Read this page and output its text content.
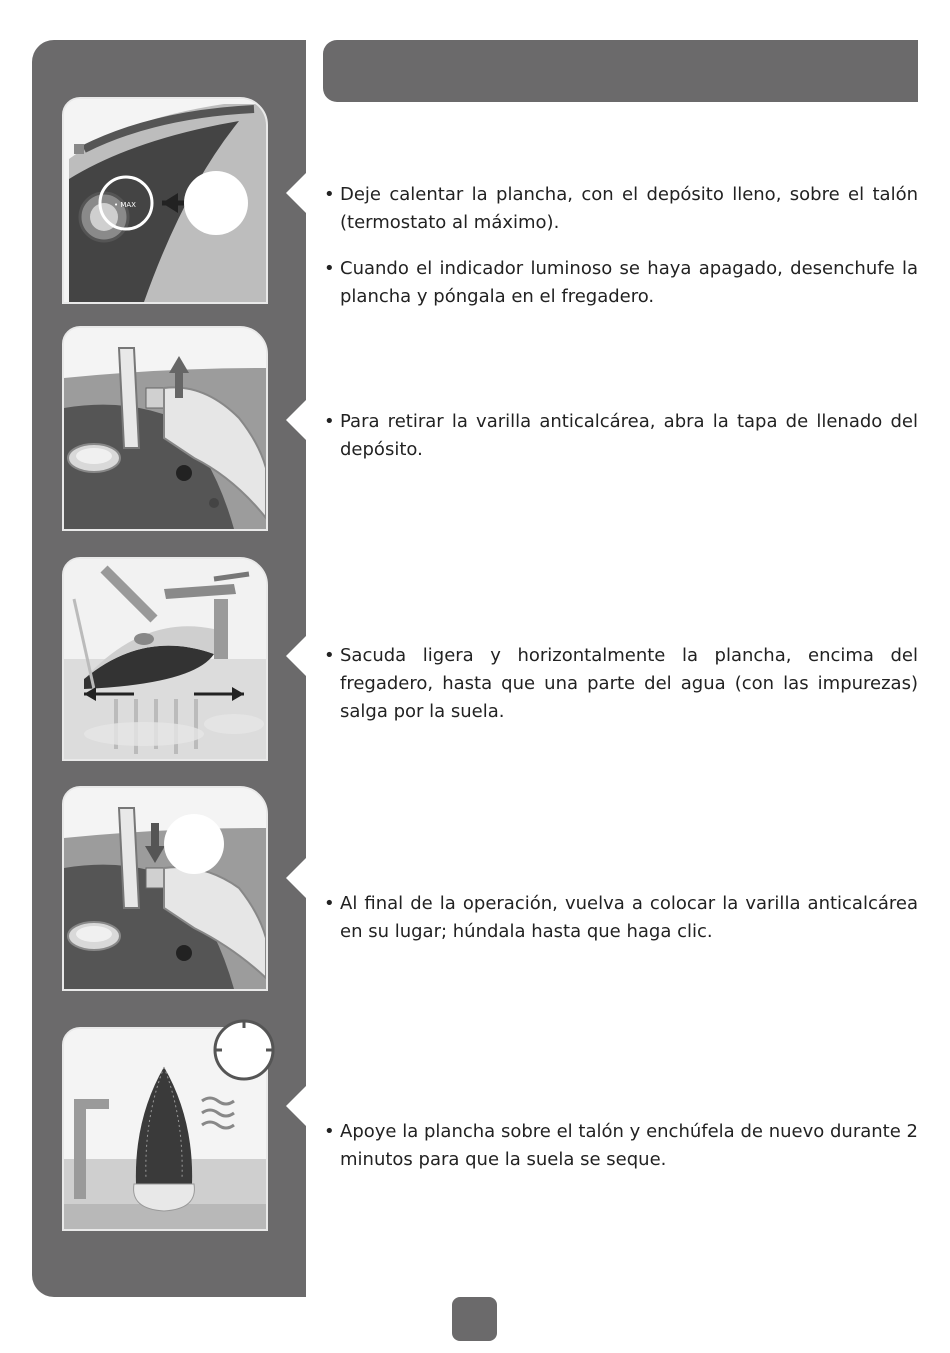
• MAX	• Deje calentar la plancha, con el depósito lleno, sobre el talón (termostato al máximo).

• Cuando el indicador luminoso se haya apagado, desenchufe la plancha y póngala en el fregadero.

• Para retirar la varilla anticalcárea, abra la tapa de llenado del depósito.

• Sacuda ligera y horizontalmente la plancha, encima del fregadero, hasta que una parte del agua (con las impurezas) salga por la suela.

• Al final de la operación, vuelva a colocar la varilla anticalcárea en su lugar; húndala hasta que haga clic.

• Apoye la plancha sobre el talón y enchúfela de nuevo durante 2 minutos para que la suela se seque.
